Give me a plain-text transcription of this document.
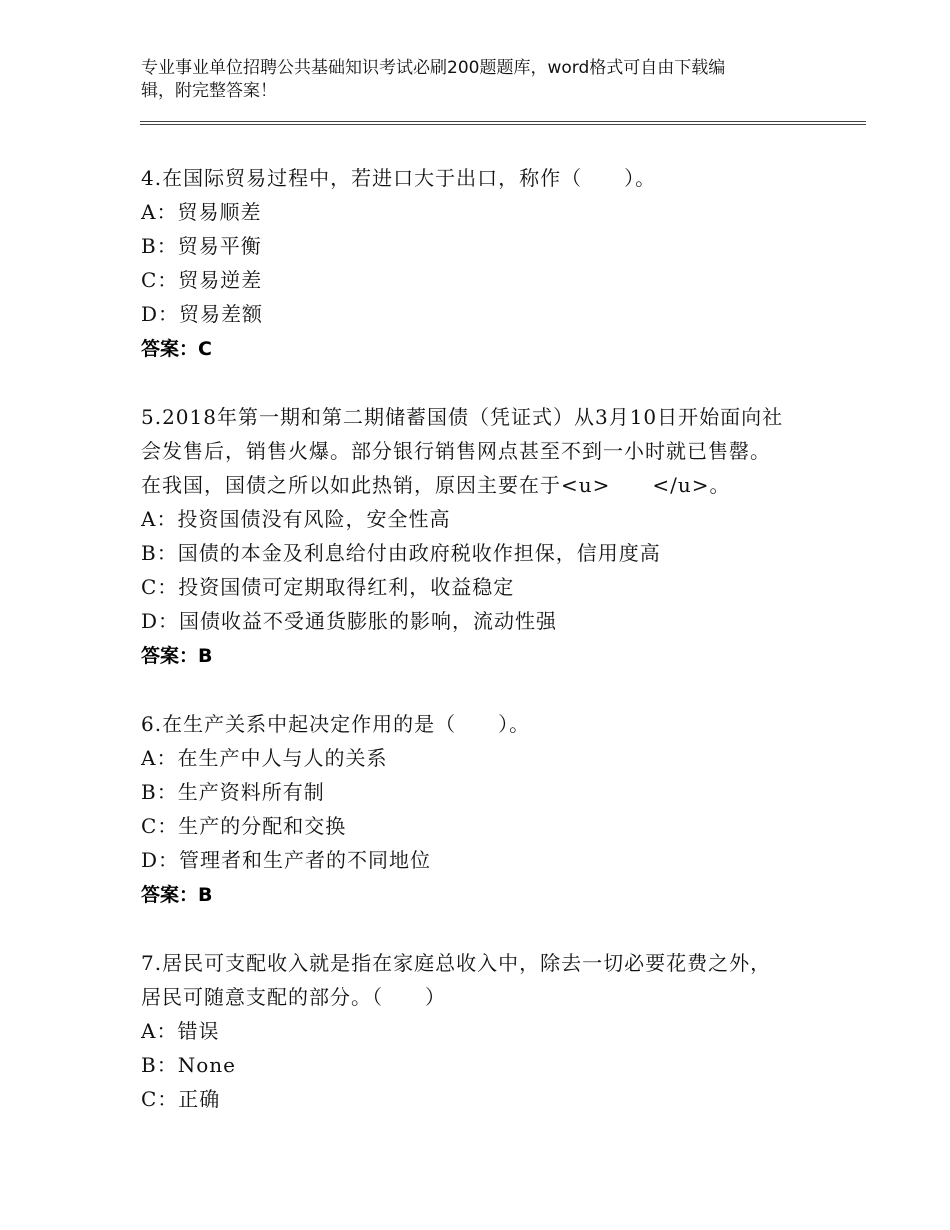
专业事业单位招聘公共基础知识考试必刷200题题库，word格式可自由下载编
辑，附完整答案！
4.在国际贸易过程中，若进口大于出口，称作（　　）。
A：贸易顺差
B：贸易平衡
C：贸易逆差
D：贸易差额
答案：C
5.2018年第一期和第二期储蓄国债（凭证式）从3月10日开始面向社
会发售后，销售火爆。部分银行销售网点甚至不到一小时就已售罄。
在我国，国债之所以如此热销，原因主要在于<u>　　</u>。
A：投资国债没有风险，安全性高
B：国债的本金及利息给付由政府税收作担保，信用度高
C：投资国债可定期取得红利，收益稳定
D：国债收益不受通货膨胀的影响，流动性强
答案：B
6.在生产关系中起决定作用的是（　　）。
A：在生产中人与人的关系
B：生产资料所有制
C：生产的分配和交换
D：管理者和生产者的不同地位
答案：B
7.居民可支配收入就是指在家庭总收入中，除去一切必要花费之外，
居民可随意支配的部分。（　　）
A：错误
B：None
C：正确
